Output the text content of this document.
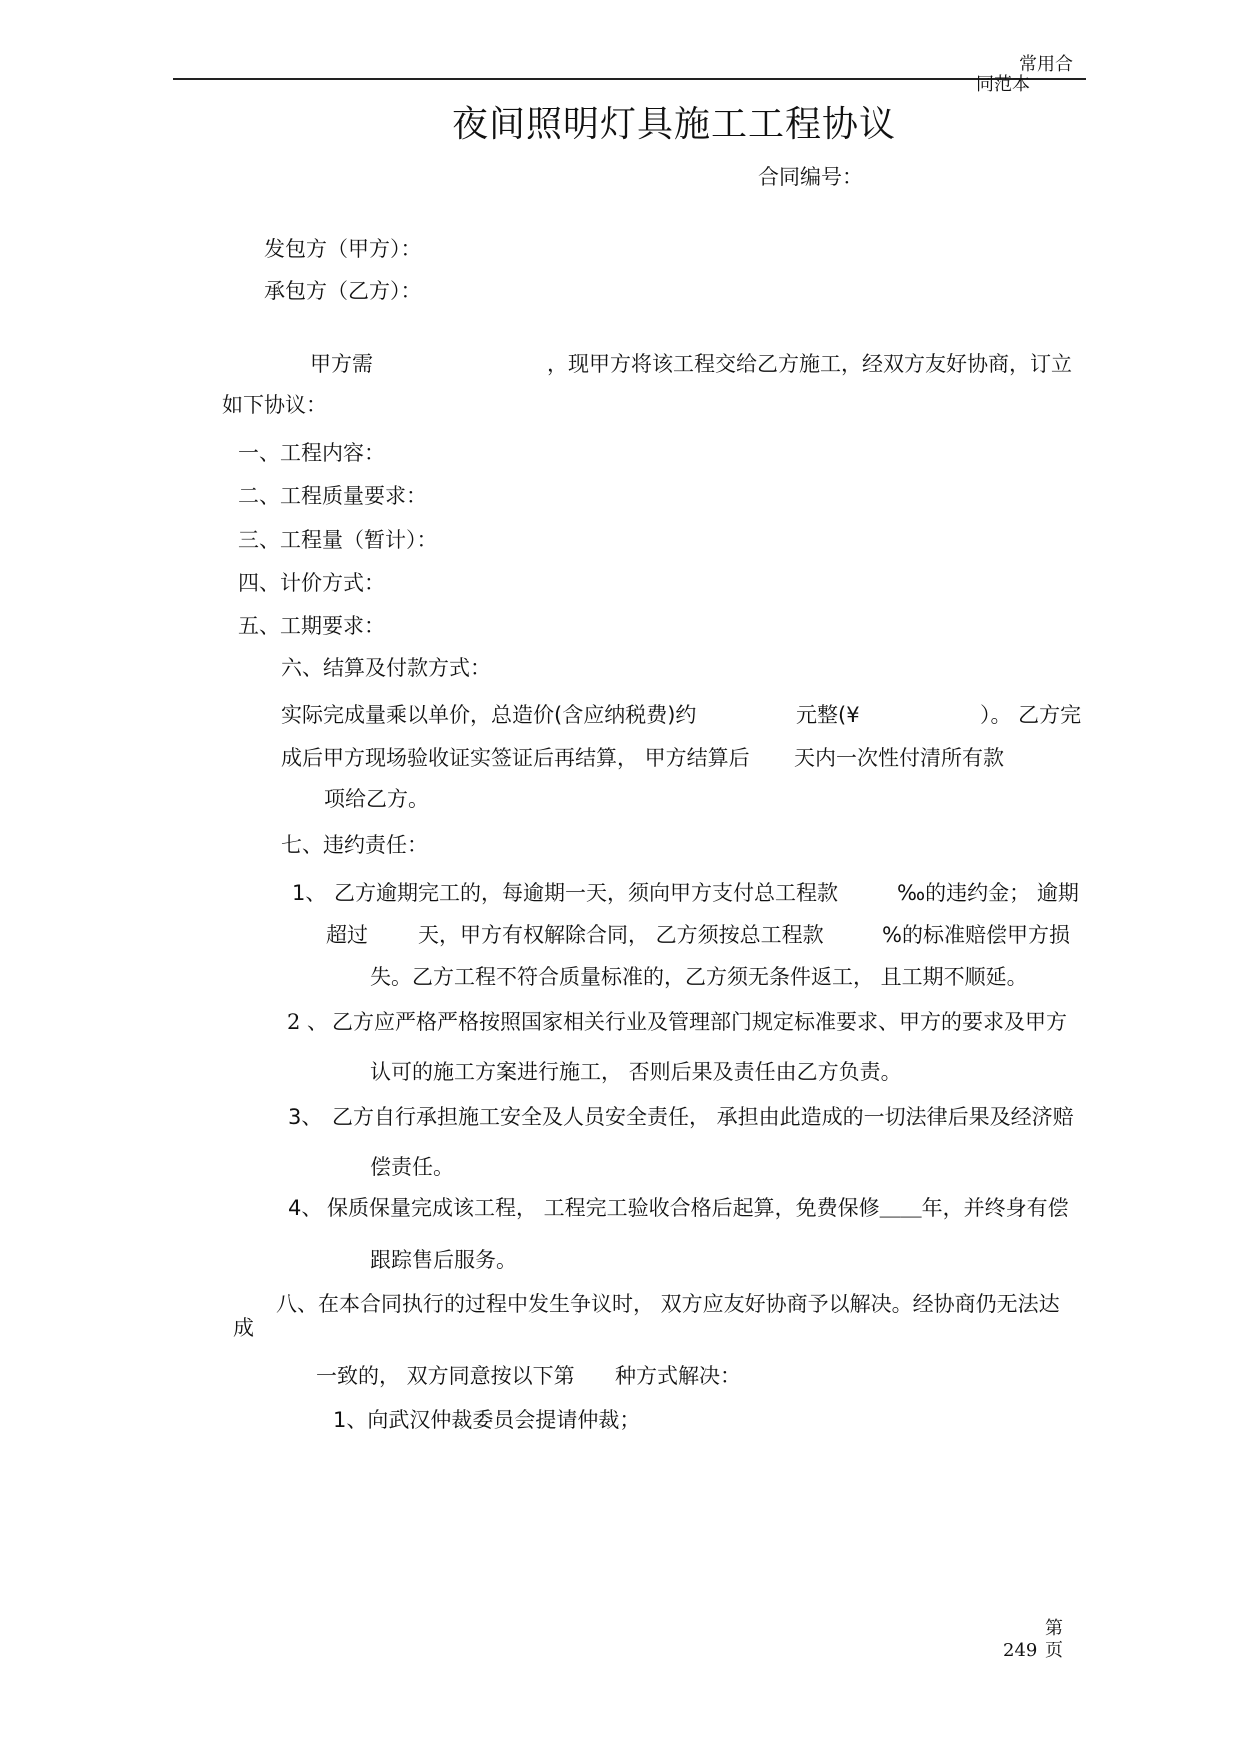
常用合
同范本
夜间照明灯具施工工程协议
合同编号：
发包方（甲方）：
承包方（乙方）：
甲方需	，现甲方将该工程交给乙方施工，经双方友好协商，订立
如下协议：
一、工程内容：
二、工程质量要求：
三、工程量（暂计）：
四、计价方式：
五、工期要求：
六、结算及付款方式：
实际完成量乘以单价，总造价(含应纳税费)约	元整(¥	）。 乙方完
成后甲方现场验收证实签证后再结算， 甲方结算后 天内一次性付清所有款
项给乙方。
七、违约责任：
1、 乙方逾期完工的，每逾期一天，须向甲方支付总工程款	‰的违约金； 逾期
超过 天，甲方有权解除合同， 乙方须按总工程款	%的标准赔偿甲方损
失。乙方工程不符合质量标准的，乙方须无条件返工， 且工期不顺延。
2 、 乙方应严格严格按照国家相关行业及管理部门规定标准要求、甲方的要求及甲方
认可的施工方案进行施工， 否则后果及责任由乙方负责。
3、 乙方自行承担施工安全及人员安全责任， 承担由此造成的一切法律后果及经济赔
偿责任。
4、 保质保量完成该工程， 工程完工验收合格后起算，免费保修＿＿年，并终身有偿
跟踪售后服务。
八、在本合同执行的过程中发生争议时， 双方应友好协商予以解决。经协商仍无法达
成
一致的， 双方同意按以下第 种方式解决：
1、向武汉仲裁委员会提请仲裁；
第
249 页
